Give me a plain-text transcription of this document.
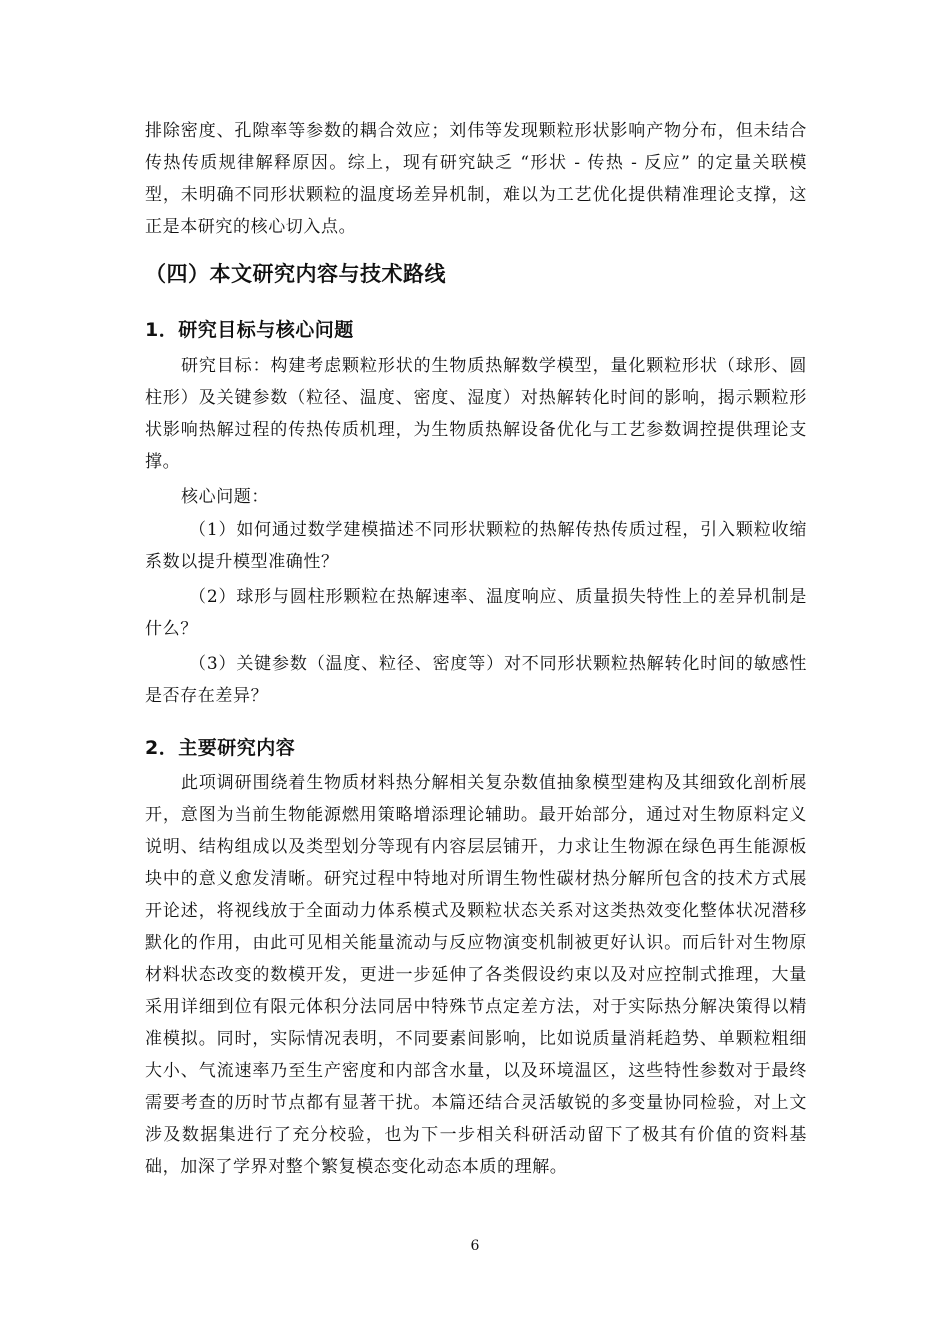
排除密度、孔隙率等参数的耦合效应；刘伟等发现颗粒形状影响产物分布，但未结合传热传质规律解释原因。综上，现有研究缺乏 “形状 - 传热 - 反应” 的定量关联模型，未明确不同形状颗粒的温度场差异机制，难以为工艺优化提供精准理论支撑，这正是本研究的核心切入点。

（四）本文研究内容与技术路线
1．研究目标与核心问题

研究目标：构建考虑颗粒形状的生物质热解数学模型，量化颗粒形状（球形、圆柱形）及关键参数（粒径、温度、密度、湿度）对热解转化时间的影响，揭示颗粒形状影响热解过程的传热传质机理，为生物质热解设备优化与工艺参数调控提供理论支撑。

核心问题：

（1）如何通过数学建模描述不同形状颗粒的热解传热传质过程，引入颗粒收缩系数以提升模型准确性？

（2）球形与圆柱形颗粒在热解速率、温度响应、质量损失特性上的差异机制是什么？

（3）关键参数（温度、粒径、密度等）对不同形状颗粒热解转化时间的敏感性是否存在差异？

2．主要研究内容

此项调研围绕着生物质材料热分解相关复杂数值抽象模型建构及其细致化剖析展开，意图为当前生物能源燃用策略增添理论辅助。最开始部分，通过对生物原料定义说明、结构组成以及类型划分等现有内容层层铺开，力求让生物源在绿色再生能源板块中的意义愈发清晰。研究过程中特地对所谓生物性碳材热分解所包含的技术方式展开论述，将视线放于全面动力体系模式及颗粒状态关系对这类热效变化整体状况潜移默化的作用，由此可见相关能量流动与反应物演变机制被更好认识。而后针对生物原材料状态改变的数模开发，更进一步延伸了各类假设约束以及对应控制式推理，大量采用详细到位有限元体积分法同居中特殊节点定差方法，对于实际热分解决策得以精准模拟。同时，实际情况表明，不同要素间影响，比如说质量消耗趋势、单颗粒粗细大小、气流速率乃至生产密度和内部含水量，以及环境温区，这些特性参数对于最终需要考查的历时节点都有显著干扰。本篇还结合灵活敏锐的多变量协同检验，对上文涉及数据集进行了充分校验，也为下一步相关科研活动留下了极其有价值的资料基础，加深了学界对整个繁复模态变化动态本质的理解。

6
